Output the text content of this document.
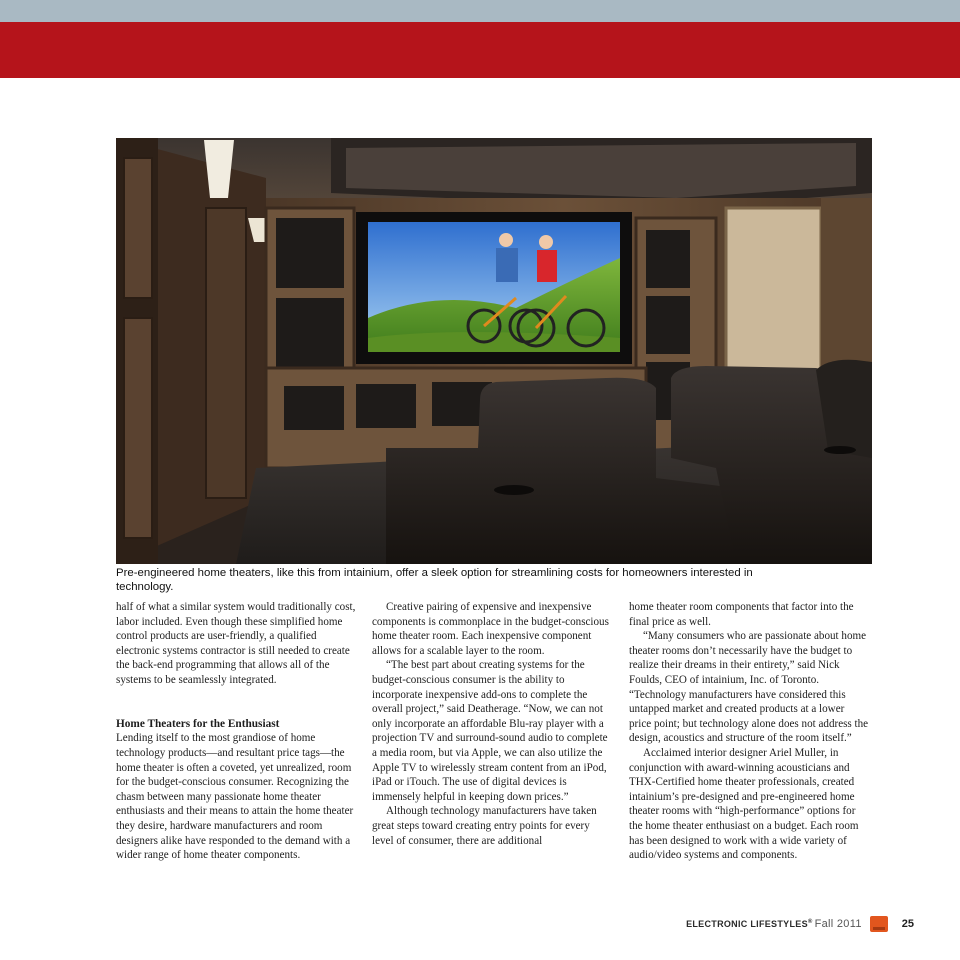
Pre-engineered home theaters, like this from intainium, offer a sleek option for streamlining costs for homeowners interested in technology.

half of what a similar system would traditionally cost, labor included. Even though these simplified home control products are user-friendly, a qualified electronic systems contractor is still needed to create the back-end programming that allows all of the systems to be seamlessly integrated.

Home Theaters for the Enthusiast

Lending itself to the most grandiose of home technology products—and resultant price tags—the home theater is often a coveted, yet unrealized, room for the budget-conscious consumer. Recognizing the chasm between many passionate home theater enthusiasts and their means to attain the home theater they desire, hardware manufacturers and room designers alike have responded to the demand with a wider range of home theater components.

Creative pairing of expensive and inexpensive components is commonplace in the budget-conscious home theater room. Each inexpensive component allows for a scalable layer to the room.

“The best part about creating systems for the budget-conscious consumer is the ability to incorporate inexpensive add-ons to complete the overall project,” said Deatherage. “Now, we can not only incorporate an affordable Blu-ray player with a projection TV and surround-sound audio to complete a media room, but via Apple, we can also utilize the Apple TV to wirelessly stream content from an iPod, iPad or iTouch. The use of digital devices is immensely helpful in keeping down prices.”

Although technology manufacturers have taken great steps toward creating entry points for every level of consumer, there are additional

home theater room components that factor into the final price as well.

“Many consumers who are passionate about home theater rooms don’t necessarily have the budget to realize their dreams in their entirety,” said Nick Foulds, CEO of intainium, Inc. of Toronto. “Technology manufacturers have considered this untapped market and created products at a lower price point; but technology alone does not address the design, acoustics and structure of the room itself.”

Acclaimed interior designer Ariel Muller, in conjunction with award-winning acousticians and THX-Certified home theater professionals, created intainium’s pre-designed and pre-engineered home theater rooms with “high-performance” options for the home theater enthusiast on a budget. Each room has been designed to work with a wide variety of audio/video systems and components.

ELECTRONIC LIFESTYLES® Fall 2011	25
